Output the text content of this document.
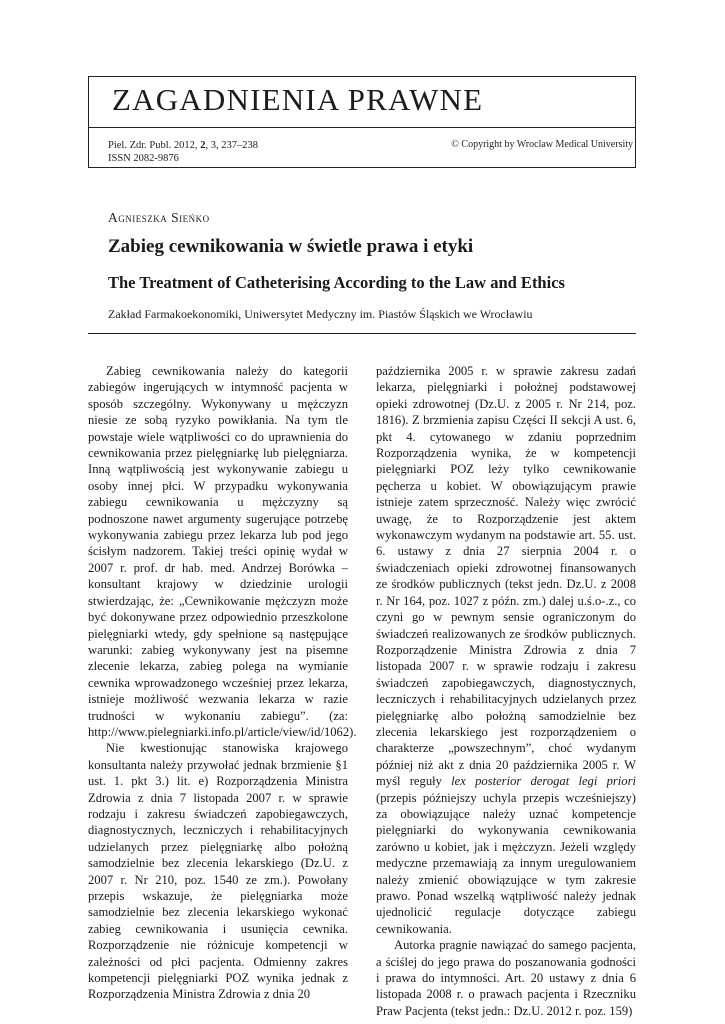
ZAGADNIENIA PRAWNE
Piel. Zdr. Publ. 2012, 2, 3, 237–238
ISSN 2082-9876
© Copyright by Wroclaw Medical University
Agnieszka Sieńko
Zabieg cewnikowania w świetle prawa i etyki
The Treatment of Catheterising According to the Law and Ethics
Zakład Farmakoekonomiki, Uniwersytet Medyczny im. Piastów Śląskich we Wrocławiu

Zabieg cewnikowania należy do kategorii zabiegów ingerujących w intymność pacjenta w sposób szczególny. Wykonywany u mężczyzn niesie ze sobą ryzyko powikłania. Na tym tle powstaje wiele wątpliwości co do uprawnienia do cewnikowania przez pielęgniarkę lub pielęgniarza. Inną wątpliwością jest wykonywanie zabiegu u osoby innej płci. W przypadku wykonywania zabiegu cewnikowania u mężczyzny są podnoszone nawet argumenty sugerujące potrzebę wykonywania zabiegu przez lekarza lub pod jego ścisłym nadzorem. Takiej treści opinię wydał w 2007 r. prof. dr hab. med. Andrzej Borówka – konsultant krajowy w dziedzinie urologii stwierdzając, że: „Cewnikowanie mężczyzn może być dokonywane przez odpowiednio przeszkolone pielęgniarki wtedy, gdy spełnione są następujące warunki: zabieg wykonywany jest na pisemne zlecenie lekarza, zabieg polega na wymianie cewnika wprowadzonego wcześniej przez lekarza, istnieje możliwość wezwania lekarza w razie trudności w wykonaniu zabiegu”. (za: http://www.pielegniarki.info.pl/article/view/id/1062).

Nie kwestionując stanowiska krajowego konsultanta należy przywołać jednak brzmienie §1 ust. 1. pkt 3.) lit. e) Rozporządzenia Ministra Zdrowia z dnia 7 listopada 2007 r. w sprawie rodzaju i zakresu świadczeń zapobiegawczych, diagnostycznych, leczniczych i rehabilitacyjnych udzielanych przez pielęgniarkę albo położną samodzielnie bez zlecenia lekarskiego (Dz.U. z 2007 r. Nr 210, poz. 1540 ze zm.). Powołany przepis wskazuje, że pielęgniarka może samodzielnie bez zlecenia lekarskiego wykonać zabieg cewnikowania i usunięcia cewnika. Rozporządzenie nie różnicuje kompetencji w zależności od płci pacjenta. Odmienny zakres kompetencji pielęgniarki POZ wynika jednak z Rozporządzenia Ministra Zdrowia z dnia 20

października 2005 r. w sprawie zakresu zadań lekarza, pielęgniarki i położnej podstawowej opieki zdrowotnej (Dz.U. z 2005 r. Nr 214, poz. 1816). Z brzmienia zapisu Części II sekcji A ust. 6, pkt 4. cytowanego w zdaniu poprzednim Rozporządzenia wynika, że w kompetencji pielęgniarki POZ leży tylko cewnikowanie pęcherza u kobiet. W obowiązującym prawie istnieje zatem sprzeczność. Należy więc zwrócić uwagę, że to Rozporządzenie jest aktem wykonawczym wydanym na podstawie art. 55. ust. 6. ustawy z dnia 27 sierpnia 2004 r. o świadczeniach opieki zdrowotnej finansowanych ze środków publicznych (tekst jedn. Dz.U. z 2008 r. Nr 164, poz. 1027 z późn. zm.) dalej u.ś.o-.z., co czyni go w pewnym sensie ograniczonym do świadczeń realizowanych ze środków publicznych. Rozporządzenie Ministra Zdrowia z dnia 7 listopada 2007 r. w sprawie rodzaju i zakresu świadczeń zapobiegawczych, diagnostycznych, leczniczych i rehabilitacyjnych udzielanych przez pielęgniarkę albo położną samodzielnie bez zlecenia lekarskiego jest rozporządzeniem o charakterze „powszechnym”, choć wydanym później niż akt z dnia 20 października 2005 r. W myśl reguły lex posterior derogat legi priori (przepis późniejszy uchyla przepis wcześniejszy) za obowiązujące należy uznać kompetencje pielęgniarki do wykonywania cewnikowania zarówno u kobiet, jak i mężczyzn. Jeżeli względy medyczne przemawiają za innym uregulowaniem należy zmienić obowiązujące w tym zakresie prawo. Ponad wszelką wątpliwość należy jednak ujednolicić regulacje dotyczące zabiegu cewnikowania.

Autorka pragnie nawiązać do samego pacjenta, a ściślej do jego prawa do poszanowania godności i prawa do intymności. Art. 20 ustawy z dnia 6 listopada 2008 r. o prawach pacjenta i Rzeczniku Praw Pacjenta (tekst jedn.: Dz.U. 2012 r. poz. 159)
